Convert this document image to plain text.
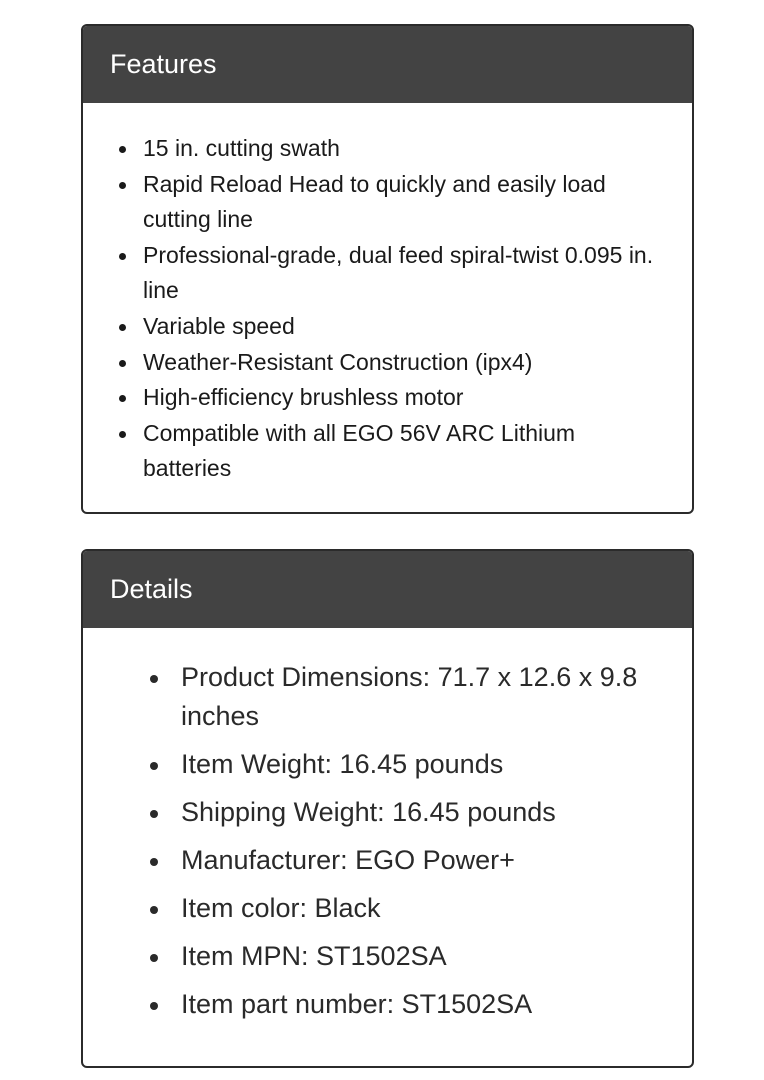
Features
15 in. cutting swath
Rapid Reload Head to quickly and easily load cutting line
Professional-grade, dual feed spiral-twist 0.095 in. line
Variable speed
Weather-Resistant Construction (ipx4)
High-efficiency brushless motor
Compatible with all EGO 56V ARC Lithium batteries
Details
Product Dimensions: 71.7 x 12.6 x 9.8 inches
Item Weight: 16.45 pounds
Shipping Weight: 16.45 pounds
Manufacturer: EGO Power+
Item color: Black
Item MPN: ST1502SA
Item part number: ST1502SA
